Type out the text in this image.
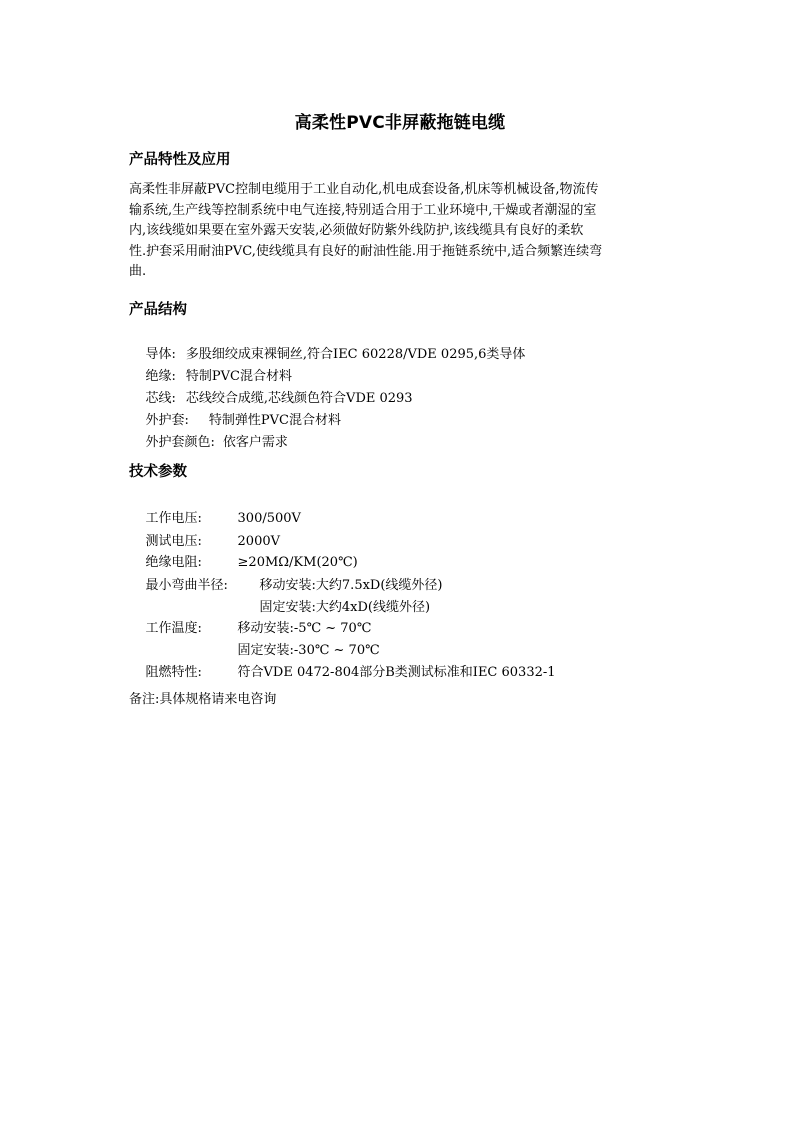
高柔性PVC非屏蔽拖链电缆
产品特性及应用
高柔性非屏蔽PVC控制电缆用于工业自动化,机电成套设备,机床等机械设备,物流传
输系统,生产线等控制系统中电气连接,特别适合用于工业环境中,干燥或者潮湿的室
内,该线缆如果要在室外露天安装,必须做好防紫外线防护,该线缆具有良好的柔软
性.护套采用耐油PVC,使线缆具有良好的耐油性能.用于拖链系统中,适合频繁连续弯
曲.
产品结构

导体: 多股细绞成束裸铜丝,符合IEC 60228/VDE 0295,6类导体

绝缘: 特制PVC混合材料

芯线: 芯线绞合成缆,芯线颜色符合VDE 0293

外护套: 特制弹性PVC混合材料

外护套颜色: 依客户需求

技术参数

工作电压:	300/500V

测试电压:	2000V

绝缘电阻:	≥20MΩ/KM(20℃)

最小弯曲半径: 移动安装:大约7.5xD(线缆外径)

固定安装:大约4xD(线缆外径)

工作温度:	移动安装:-5℃ ~ 70℃

固定安装:-30℃ ~ 70℃

阻燃特性:	符合VDE 0472-804部分B类测试标准和IEC 60332-1

备注:具体规格请来电咨询
